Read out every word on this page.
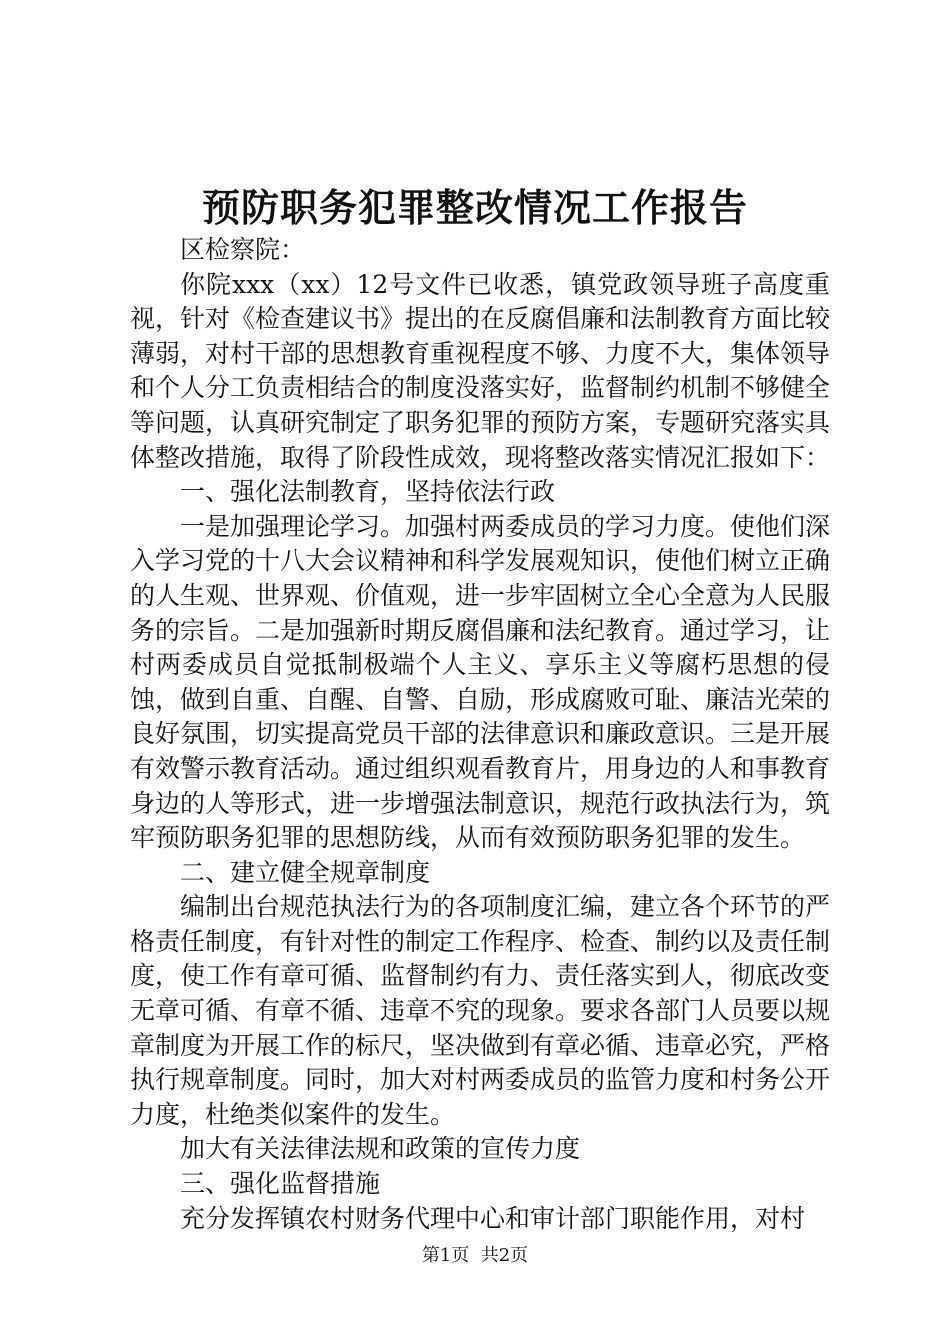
预防职务犯罪整改情况工作报告

区检察院：

你院xxx（xx）12号文件已收悉，镇党政领导班子高度重视，针对《检查建议书》提出的在反腐倡廉和法制教育方面比较薄弱，对村干部的思想教育重视程度不够、力度不大，集体领导和个人分工负责相结合的制度没落实好，监督制约机制不够健全等问题，认真研究制定了职务犯罪的预防方案，专题研究落实具体整改措施，取得了阶段性成效，现将整改落实情况汇报如下：

一、强化法制教育，坚持依法行政

一是加强理论学习。加强村两委成员的学习力度。使他们深入学习党的十八大会议精神和科学发展观知识，使他们树立正确的人生观、世界观、价值观，进一步牢固树立全心全意为人民服务的宗旨。二是加强新时期反腐倡廉和法纪教育。通过学习，让村两委成员自觉抵制极端个人主义、享乐主义等腐朽思想的侵蚀，做到自重、自醒、自警、自励，形成腐败可耻、廉洁光荣的良好氛围，切实提高党员干部的法律意识和廉政意识。三是开展有效警示教育活动。通过组织观看教育片，用身边的人和事教育身边的人等形式，进一步增强法制意识，规范行政执法行为，筑牢预防职务犯罪的思想防线，从而有效预防职务犯罪的发生。

二、建立健全规章制度

编制出台规范执法行为的各项制度汇编，建立各个环节的严格责任制度，有针对性的制定工作程序、检查、制约以及责任制度，使工作有章可循、监督制约有力、责任落实到人，彻底改变无章可循、有章不循、违章不究的现象。要求各部门人员要以规章制度为开展工作的标尺，坚决做到有章必循、违章必究，严格执行规章制度。同时，加大对村两委成员的监管力度和村务公开力度，杜绝类似案件的发生。

加大有关法律法规和政策的宣传力度

三、强化监督措施

充分发挥镇农村财务代理中心和审计部门职能作用，对村

第1页  共2页
